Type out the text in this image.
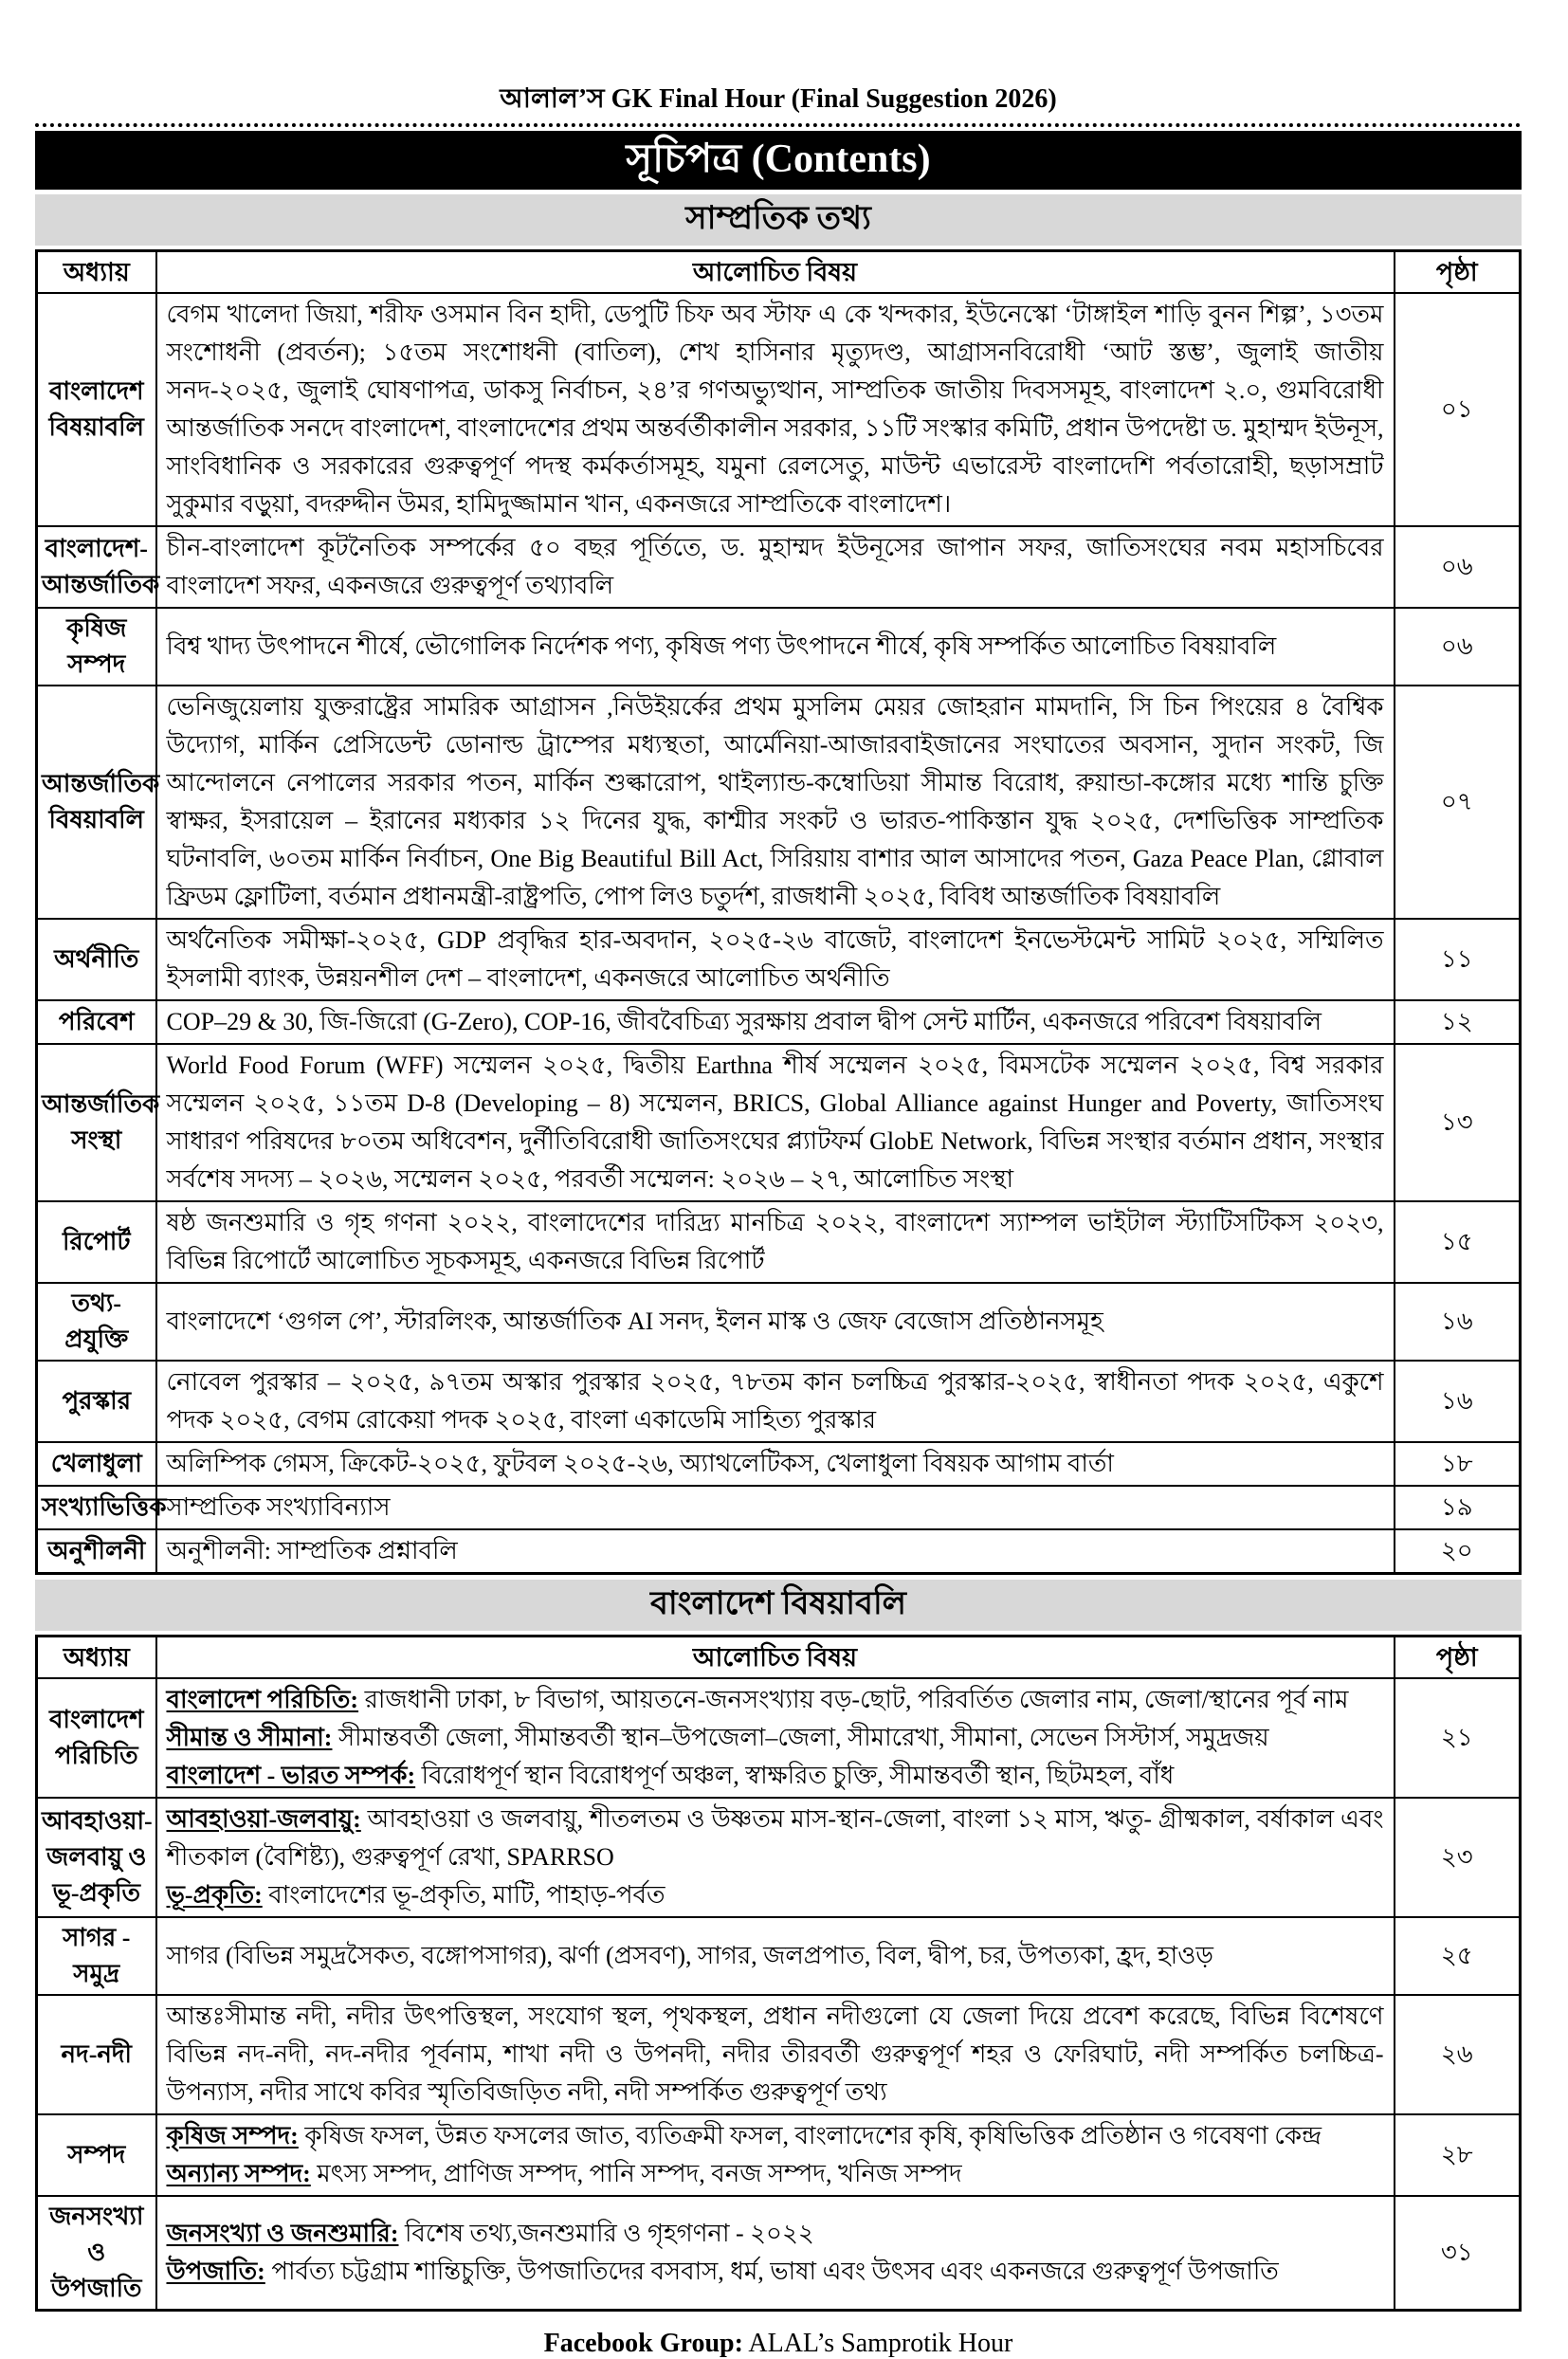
আলাল’স GK Final Hour (Final Suggestion 2026)
সূচিপত্র (Contents)
সাম্প্রতিক তথ্য
অধ্যায়	আলোচিত বিষয়	পৃষ্ঠা
বাংলাদেশ বিষয়াবলি	বেগম খালেদা জিয়া, শরীফ ওসমান বিন হাদী, ডেপুটি চিফ অব স্টাফ এ কে খন্দকার, ইউনেস্কো ‘টাঙ্গাইল শাড়ি বুনন শিল্প’, ১৩তম সংশোধনী (প্রবর্তন); ১৫তম সংশোধনী (বাতিল), শেখ হাসিনার মৃত্যুদণ্ড, আগ্রাসনবিরোধী ‘আট স্তম্ভ’, জুলাই জাতীয় সনদ-২০২৫, জুলাই ঘোষণাপত্র, ডাকসু নির্বাচন, ২৪’র গণঅভ্যুত্থান, সাম্প্রতিক জাতীয় দিবসসমূহ, বাংলাদেশ ২.০, গুমবিরোধী আন্তর্জাতিক সনদে বাংলাদেশ, বাংলাদেশের প্রথম অন্তর্বর্তীকালীন সরকার, ১১টি সংস্কার কমিটি, প্রধান উপদেষ্টা ড. মুহাম্মদ ইউনূস, সাংবিধানিক ও সরকারের গুরুত্বপূর্ণ পদস্থ কর্মকর্তাসমূহ, যমুনা রেলসেতু, মাউন্ট এভারেস্ট বাংলাদেশি পর্বতারোহী, ছড়াসম্রাট সুকুমার বড়ুয়া, বদরুদ্দীন উমর, হামিদুজ্জামান খান, একনজরে সাম্প্রতিকে বাংলাদেশ।	০১
বাংলাদেশ-আন্তর্জাতিক	চীন-বাংলাদেশ কূটনৈতিক সম্পর্কের ৫০ বছর পূর্তিতে, ড. মুহাম্মদ ইউনূসের জাপান সফর, জাতিসংঘের নবম মহাসচিবের বাংলাদেশ সফর, একনজরে গুরুত্বপূর্ণ তথ্যাবলি	০৬
কৃষিজ সম্পদ	বিশ্ব খাদ্য উৎপাদনে শীর্ষে, ভৌগোলিক নির্দেশক পণ্য, কৃষিজ পণ্য উৎপাদনে শীর্ষে, কৃষি সম্পর্কিত আলোচিত বিষয়াবলি	০৬
আন্তর্জাতিক বিষয়াবলি	ভেনিজুয়েলায় যুক্তরাষ্ট্রের সামরিক আগ্রাসন ,নিউইয়র্কের প্রথম মুসলিম মেয়র জোহরান মামদানি, সি চিন পিংয়ের ৪ বৈশ্বিক উদ্যোগ, মার্কিন প্রেসিডেন্ট ডোনাল্ড ট্রাম্পের মধ্যস্থতা, আর্মেনিয়া-আজারবাইজানের সংঘাতের অবসান, সুদান সংকট, জি আন্দোলনে নেপালের সরকার পতন, মার্কিন শুল্কারোপ, থাইল্যান্ড-কম্বোডিয়া সীমান্ত বিরোধ, রুয়ান্ডা-কঙ্গোর মধ্যে শান্তি চুক্তি স্বাক্ষর, ইসরায়েল – ইরানের মধ্যকার ১২ দিনের যুদ্ধ, কাশ্মীর সংকট ও ভারত-পাকিস্তান যুদ্ধ ২০২৫, দেশভিত্তিক সাম্প্রতিক ঘটনাবলি, ৬০তম মার্কিন নির্বাচন, One Big Beautiful Bill Act, সিরিয়ায় বাশার আল আসাদের পতন, Gaza Peace Plan, গ্লোবাল ফ্রিডম ফ্লোটিলা, বর্তমান প্রধানমন্ত্রী-রাষ্ট্রপতি, পোপ লিও চতুর্দশ, রাজধানী ২০২৫, বিবিধ আন্তর্জাতিক বিষয়াবলি	০৭
অর্থনীতি	অর্থনৈতিক সমীক্ষা-২০২৫, GDP প্রবৃদ্ধির হার-অবদান, ২০২৫-২৬ বাজেট, বাংলাদেশ ইনভেস্টমেন্ট সামিট ২০২৫, সম্মিলিত ইসলামী ব্যাংক, উন্নয়নশীল দেশ – বাংলাদেশ, একনজরে আলোচিত অর্থনীতি	১১
পরিবেশ	COP–29 & 30, জি-জিরো (G-Zero), COP-16, জীববৈচিত্র্য সুরক্ষায় প্রবাল দ্বীপ সেন্ট মার্টিন, একনজরে পরিবেশ বিষয়াবলি	১২
আন্তর্জাতিক সংস্থা	World Food Forum (WFF) সম্মেলন ২০২৫, দ্বিতীয় Earthna শীর্ষ সম্মেলন ২০২৫, বিমসটেক সম্মেলন ২০২৫, বিশ্ব সরকার সম্মেলন ২০২৫, ১১তম D-8 (Developing – 8) সম্মেলন, BRICS, Global Alliance against Hunger and Poverty, জাতিসংঘ সাধারণ পরিষদের ৮০তম অধিবেশন, দুর্নীতিবিরোধী জাতিসংঘের প্ল্যাটফর্ম GlobE Network, বিভিন্ন সংস্থার বর্তমান প্রধান, সংস্থার সর্বশেষ সদস্য – ২০২৬, সম্মেলন ২০২৫, পরবর্তী সম্মেলন: ২০২৬ – ২৭, আলোচিত সংস্থা	১৩
রিপোর্ট	ষষ্ঠ জনশুমারি ও গৃহ গণনা ২০২২, বাংলাদেশের দারিদ্র্য মানচিত্র ২০২২, বাংলাদেশ স্যাম্পল ভাইটাল স্ট্যাটিসটিকস ২০২৩, বিভিন্ন রিপোর্টে আলোচিত সূচকসমূহ, একনজরে বিভিন্ন রিপোর্ট	১৫
তথ্য-প্রযুক্তি	বাংলাদেশে ‘গুগল পে’, স্টারলিংক, আন্তর্জাতিক AI সনদ, ইলন মাস্ক ও জেফ বেজোস প্রতিষ্ঠানসমূহ	১৬
পুরস্কার	নোবেল পুরস্কার – ২০২৫, ৯৭তম অস্কার পুরস্কার ২০২৫, ৭৮তম কান চলচ্চিত্র পুরস্কার-২০২৫, স্বাধীনতা পদক ২০২৫, একুশে পদক ২০২৫, বেগম রোকেয়া পদক ২০২৫, বাংলা একাডেমি সাহিত্য পুরস্কার	১৬
খেলাধুলা	অলিম্পিক গেমস, ক্রিকেট-২০২৫, ফুটবল ২০২৫-২৬, অ্যাথলেটিকস, খেলাধুলা বিষয়ক আগাম বার্তা	১৮
সংখ্যাভিত্তিক	সাম্প্রতিক সংখ্যাবিন্যাস	১৯
অনুশীলনী	অনুশীলনী: সাম্প্রতিক প্রশ্নাবলি	২০
বাংলাদেশ বিষয়াবলি
অধ্যায়	আলোচিত বিষয়	পৃষ্ঠা
বাংলাদেশ পরিচিতি	বাংলাদেশ পরিচিতি: রাজধানী ঢাকা, ৮ বিভাগ, আয়তনে-জনসংখ্যায় বড়-ছোট, পরিবর্তিত জেলার নাম, জেলা/স্থানের পূর্ব নাম

সীমান্ত ও সীমানা: সীমান্তবর্তী জেলা, সীমান্তবর্তী স্থান–উপজেলা–জেলা, সীমারেখা, সীমানা, সেভেন সিস্টার্স, সমুদ্রজয়

বাংলাদেশ - ভারত সম্পর্ক: বিরোধপূর্ণ স্থান বিরোধপূর্ণ অঞ্চল, স্বাক্ষরিত চুক্তি, সীমান্তবর্তী স্থান, ছিটমহল, বাঁধ	২১
আবহাওয়া-জলবায়ু ও ভূ-প্রকৃতি	আবহাওয়া-জলবায়ু: আবহাওয়া ও জলবায়ু, শীতলতম ও উষ্ণতম মাস-স্থান-জেলা, বাংলা ১২ মাস, ঋতু- গ্রীষ্মকাল, বর্ষাকাল এবং শীতকাল (বৈশিষ্ট্য), গুরুত্বপূর্ণ রেখা, SPARRSO

ভূ-প্রকৃতি: বাংলাদেশের ভূ-প্রকৃতি, মাটি, পাহাড়-পর্বত	২৩
সাগর - সমুদ্র	সাগর (বিভিন্ন সমুদ্রসৈকত, বঙ্গোপসাগর), ঝর্ণা (প্রসবণ), সাগর, জলপ্রপাত, বিল, দ্বীপ, চর, উপত্যকা, হ্রদ, হাওড়	২৫
নদ-নদী	আন্তঃসীমান্ত নদী, নদীর উৎপত্তিস্থল, সংযোগ স্থল, পৃথকস্থল, প্রধান নদীগুলো যে জেলা দিয়ে প্রবেশ করেছে, বিভিন্ন বিশেষণে বিভিন্ন নদ-নদী, নদ-নদীর পূর্বনাম, শাখা নদী ও উপনদী, নদীর তীরবর্তী গুরুত্বপূর্ণ শহর ও ফেরিঘাট, নদী সম্পর্কিত চলচ্চিত্র-উপন্যাস, নদীর সাথে কবির স্মৃতিবিজড়িত নদী, নদী সম্পর্কিত গুরুত্বপূর্ণ তথ্য	২৬
সম্পদ	কৃষিজ সম্পদ: কৃষিজ ফসল, উন্নত ফসলের জাত, ব্যতিক্রমী ফসল, বাংলাদেশের কৃষি, কৃষিভিত্তিক প্রতিষ্ঠান ও গবেষণা কেন্দ্র

অন্যান্য সম্পদ: মৎস্য সম্পদ, প্রাণিজ সম্পদ, পানি সম্পদ, বনজ সম্পদ, খনিজ সম্পদ	২৮
জনসংখ্যা ও উপজাতি	জনসংখ্যা ও জনশুমারি: বিশেষ তথ্য,জনশুমারি ও গৃহগণনা - ২০২২

উপজাতি: পার্বত্য চট্টগ্রাম শান্তিচুক্তি, উপজাতিদের বসবাস, ধর্ম, ভাষা এবং উৎসব এবং একনজরে গুরুত্বপূর্ণ উপজাতি	৩১
Facebook Group: ALAL’s Samprotik Hour
